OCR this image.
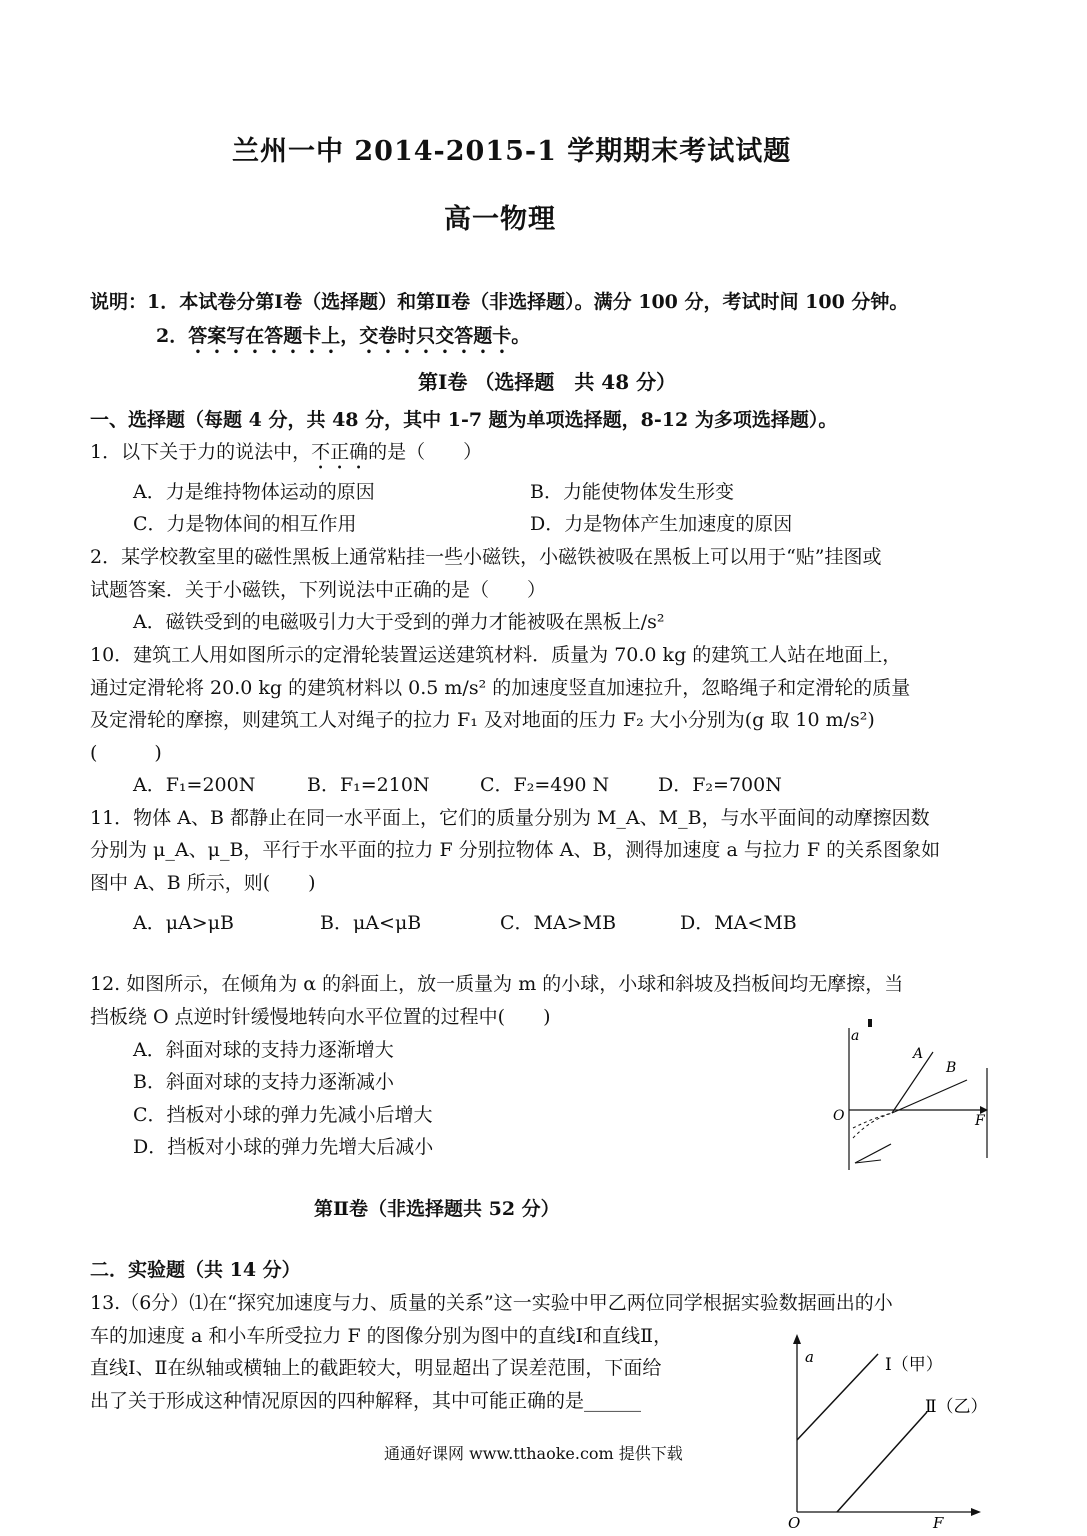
兰州一中 2014-2015-1 学期期末考试试题
高一物理
说明：1．本试卷分第Ⅰ卷（选择题）和第Ⅱ卷（非选择题）。满分 100 分，考试时间 100 分钟。
2．答案写在答题卡上，交卷时只交答题卡。
第Ⅰ卷 （选择题　共 48 分）
一、选择题（每题 4 分，共 48 分，其中 1-7 题为单项选择题，8-12 为多项选择题）。
1．以下关于力的说法中，不正确的是（　　）
A．力是维持物体运动的原因	B．力能使物体发生形变
C．力是物体间的相互作用	D．力是物体产生加速度的原因
2．某学校教室里的磁性黑板上通常粘挂一些小磁铁，小磁铁被吸在黑板上可以用于“贴”挂图或
试题答案．关于小磁铁，下列说法中正确的是（　　）
A．磁铁受到的电磁吸引力大于受到的弹力才能被吸在黑板上/s²
10．建筑工人用如图所示的定滑轮装置运送建筑材料．质量为 70.0 kg 的建筑工人站在地面上，
通过定滑轮将 20.0 kg 的建筑材料以 0.5 m/s² 的加速度竖直加速拉升，忽略绳子和定滑轮的质量
及定滑轮的摩擦，则建筑工人对绳子的拉力 F₁ 及对地面的压力 F₂ 大小分别为(g 取 10 m/s²)
(　　　)
A．F₁=200N	B．F₁=210N	C．F₂=490 N	D．F₂=700N
11．物体 A、B 都静止在同一水平面上，它们的质量分别为 M_A、M_B，与水平面间的动摩擦因数
分别为 μ_A、μ_B，平行于水平面的拉力 F 分别拉物体 A、B，测得加速度 a 与拉力 F 的关系图象如
图中 A、B 所示，则(　　)
A．μA>μB	B．μA<μB	C．MA>MB	D．MA<MB
12. 如图所示，在倾角为 α 的斜面上，放一质量为 m 的小球，小球和斜坡及挡板间均无摩擦，当
挡板绕 O 点逆时针缓慢地转向水平位置的过程中(　　)
A．斜面对球的支持力逐渐增大
B．斜面对球的支持力逐渐减小
C．挡板对小球的弹力先减小后增大
D．挡板对小球的弹力先增大后减小
a
F
O
A
B
第Ⅱ卷（非选择题共 52 分）
二．实验题（共 14 分）
13.（6分）⑴在“探究加速度与力、质量的关系”这一实验中甲乙两位同学根据实验数据画出的小
车的加速度 a 和小车所受拉力 F 的图像分别为图中的直线Ⅰ和直线Ⅱ，
直线Ⅰ、Ⅱ在纵轴或横轴上的截距较大，明显超出了误差范围，下面给
出了关于形成这种情况原因的四种解释，其中可能正确的是______
a
F
O
Ⅰ（甲）
Ⅱ（乙）
通通好课网 www.tthaoke.com 提供下载
